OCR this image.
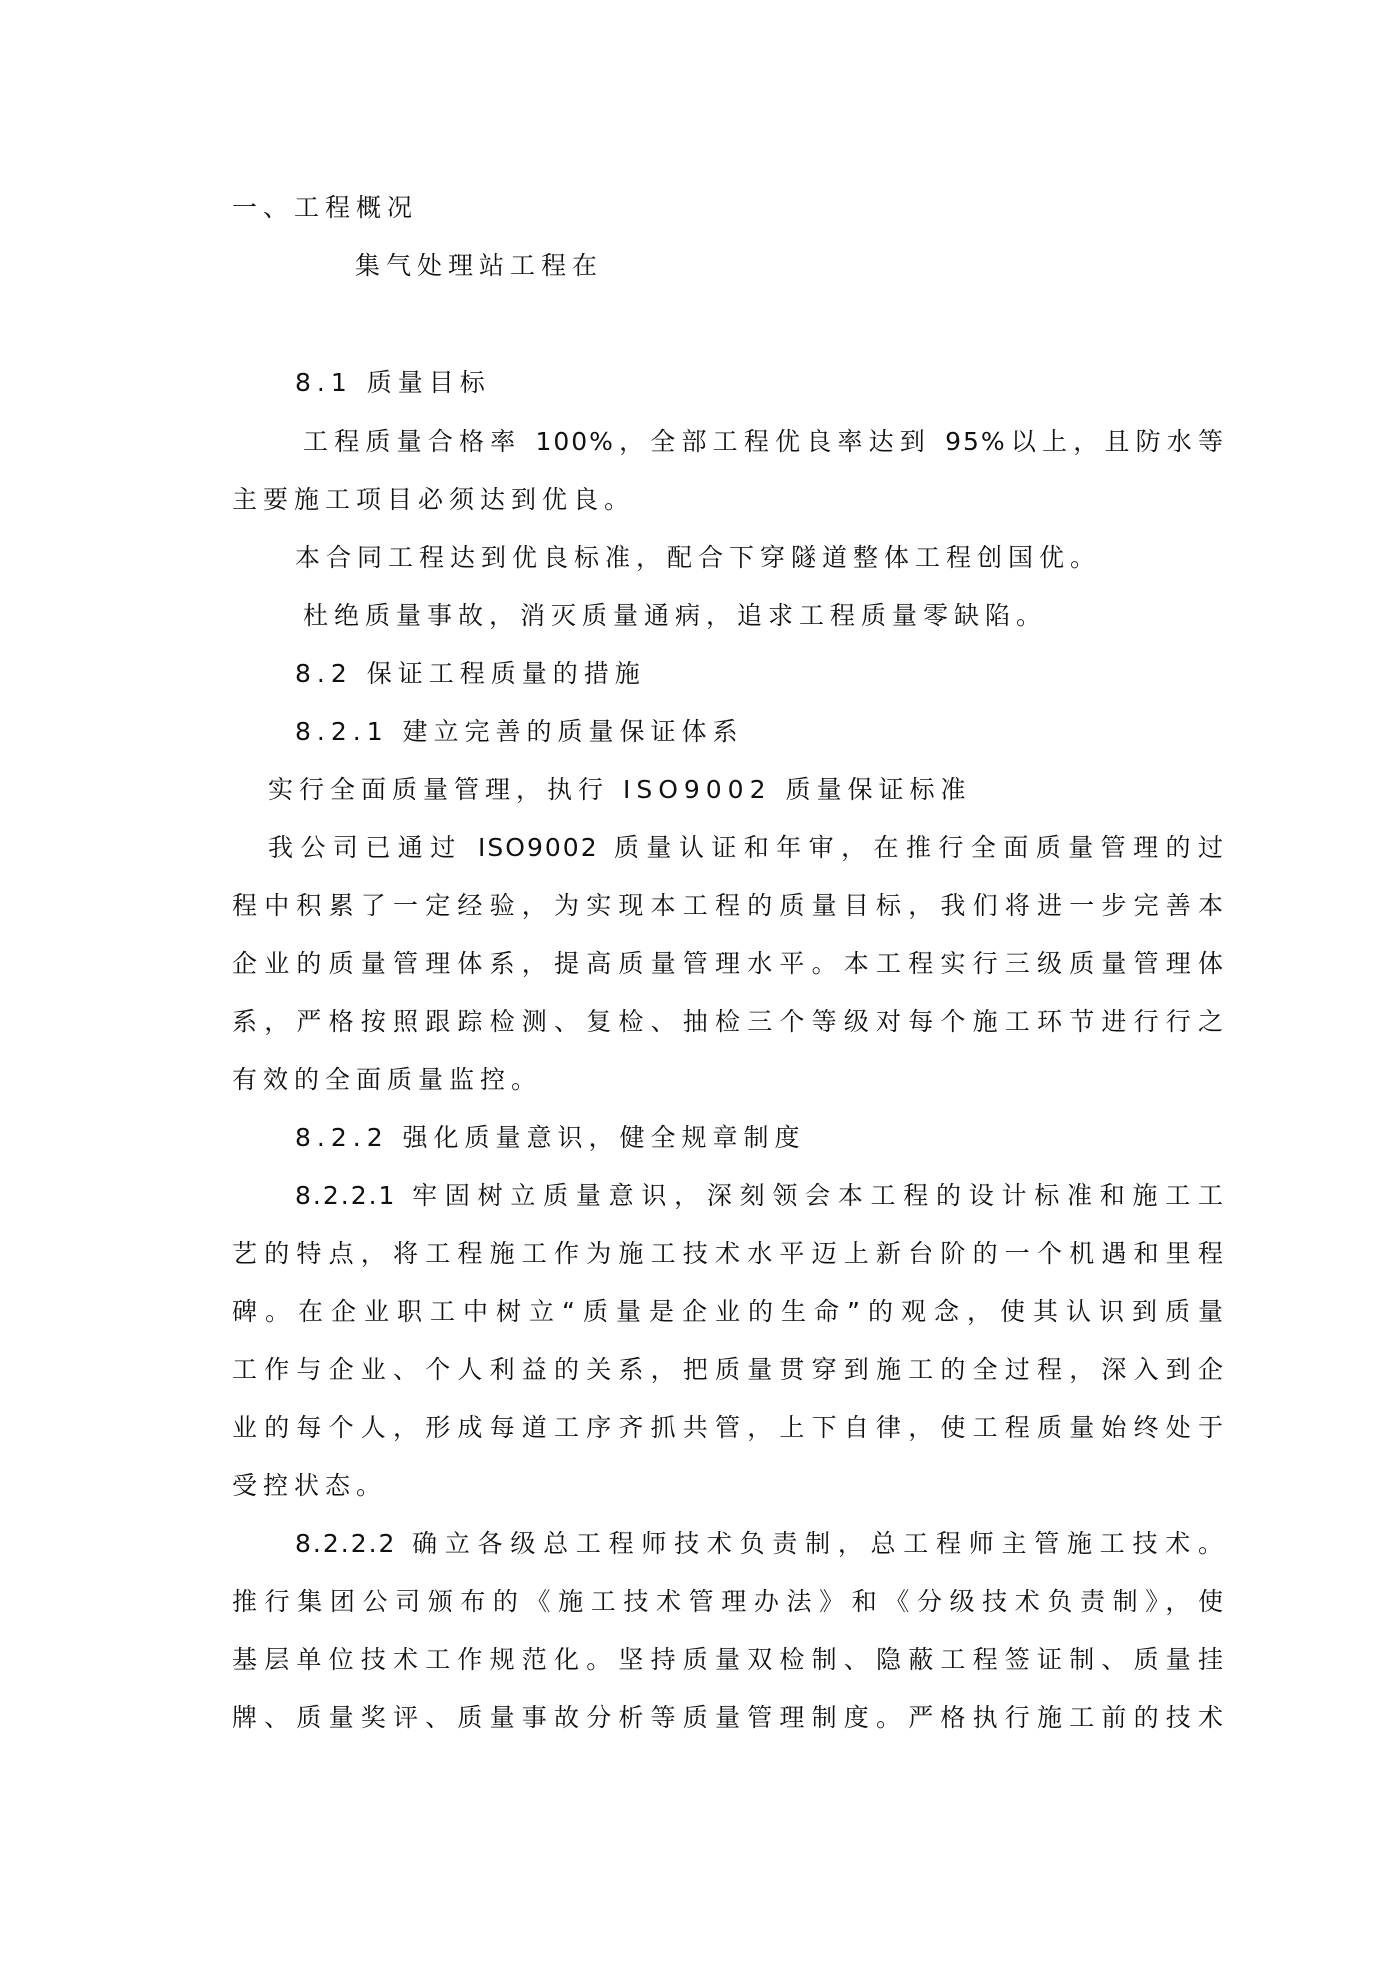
一、工程概况

集气处理站工程在

8.1 质量目标

工程质量合格率 100%，全部工程优良率达到 95%以上，且防水等

主要施工项目必须达到优良。

本合同工程达到优良标准，配合下穿隧道整体工程创国优。

杜绝质量事故，消灭质量通病，追求工程质量零缺陷。

8.2 保证工程质量的措施

8.2.1 建立完善的质量保证体系

实行全面质量管理，执行 ISO9002 质量保证标准

我公司已通过 ISO9002 质量认证和年审，在推行全面质量管理的过

程中积累了一定经验，为实现本工程的质量目标，我们将进一步完善本

企业的质量管理体系，提高质量管理水平。本工程实行三级质量管理体

系，严格按照跟踪检测、复检、抽检三个等级对每个施工环节进行行之

有效的全面质量监控。

8.2.2 强化质量意识，健全规章制度

8.2.2.1 牢固树立质量意识，深刻领会本工程的设计标准和施工工

艺的特点，将工程施工作为施工技术水平迈上新台阶的一个机遇和里程

碑。在企业职工中树立“质量是企业的生命”的观念，使其认识到质量

工作与企业、个人利益的关系，把质量贯穿到施工的全过程，深入到企

业的每个人，形成每道工序齐抓共管，上下自律，使工程质量始终处于

受控状态。

8.2.2.2 确立各级总工程师技术负责制，总工程师主管施工技术。

推行集团公司颁布的《施工技术管理办法》和《分级技术负责制》，使

基层单位技术工作规范化。坚持质量双检制、隐蔽工程签证制、质量挂

牌、质量奖评、质量事故分析等质量管理制度。严格执行施工前的技术
